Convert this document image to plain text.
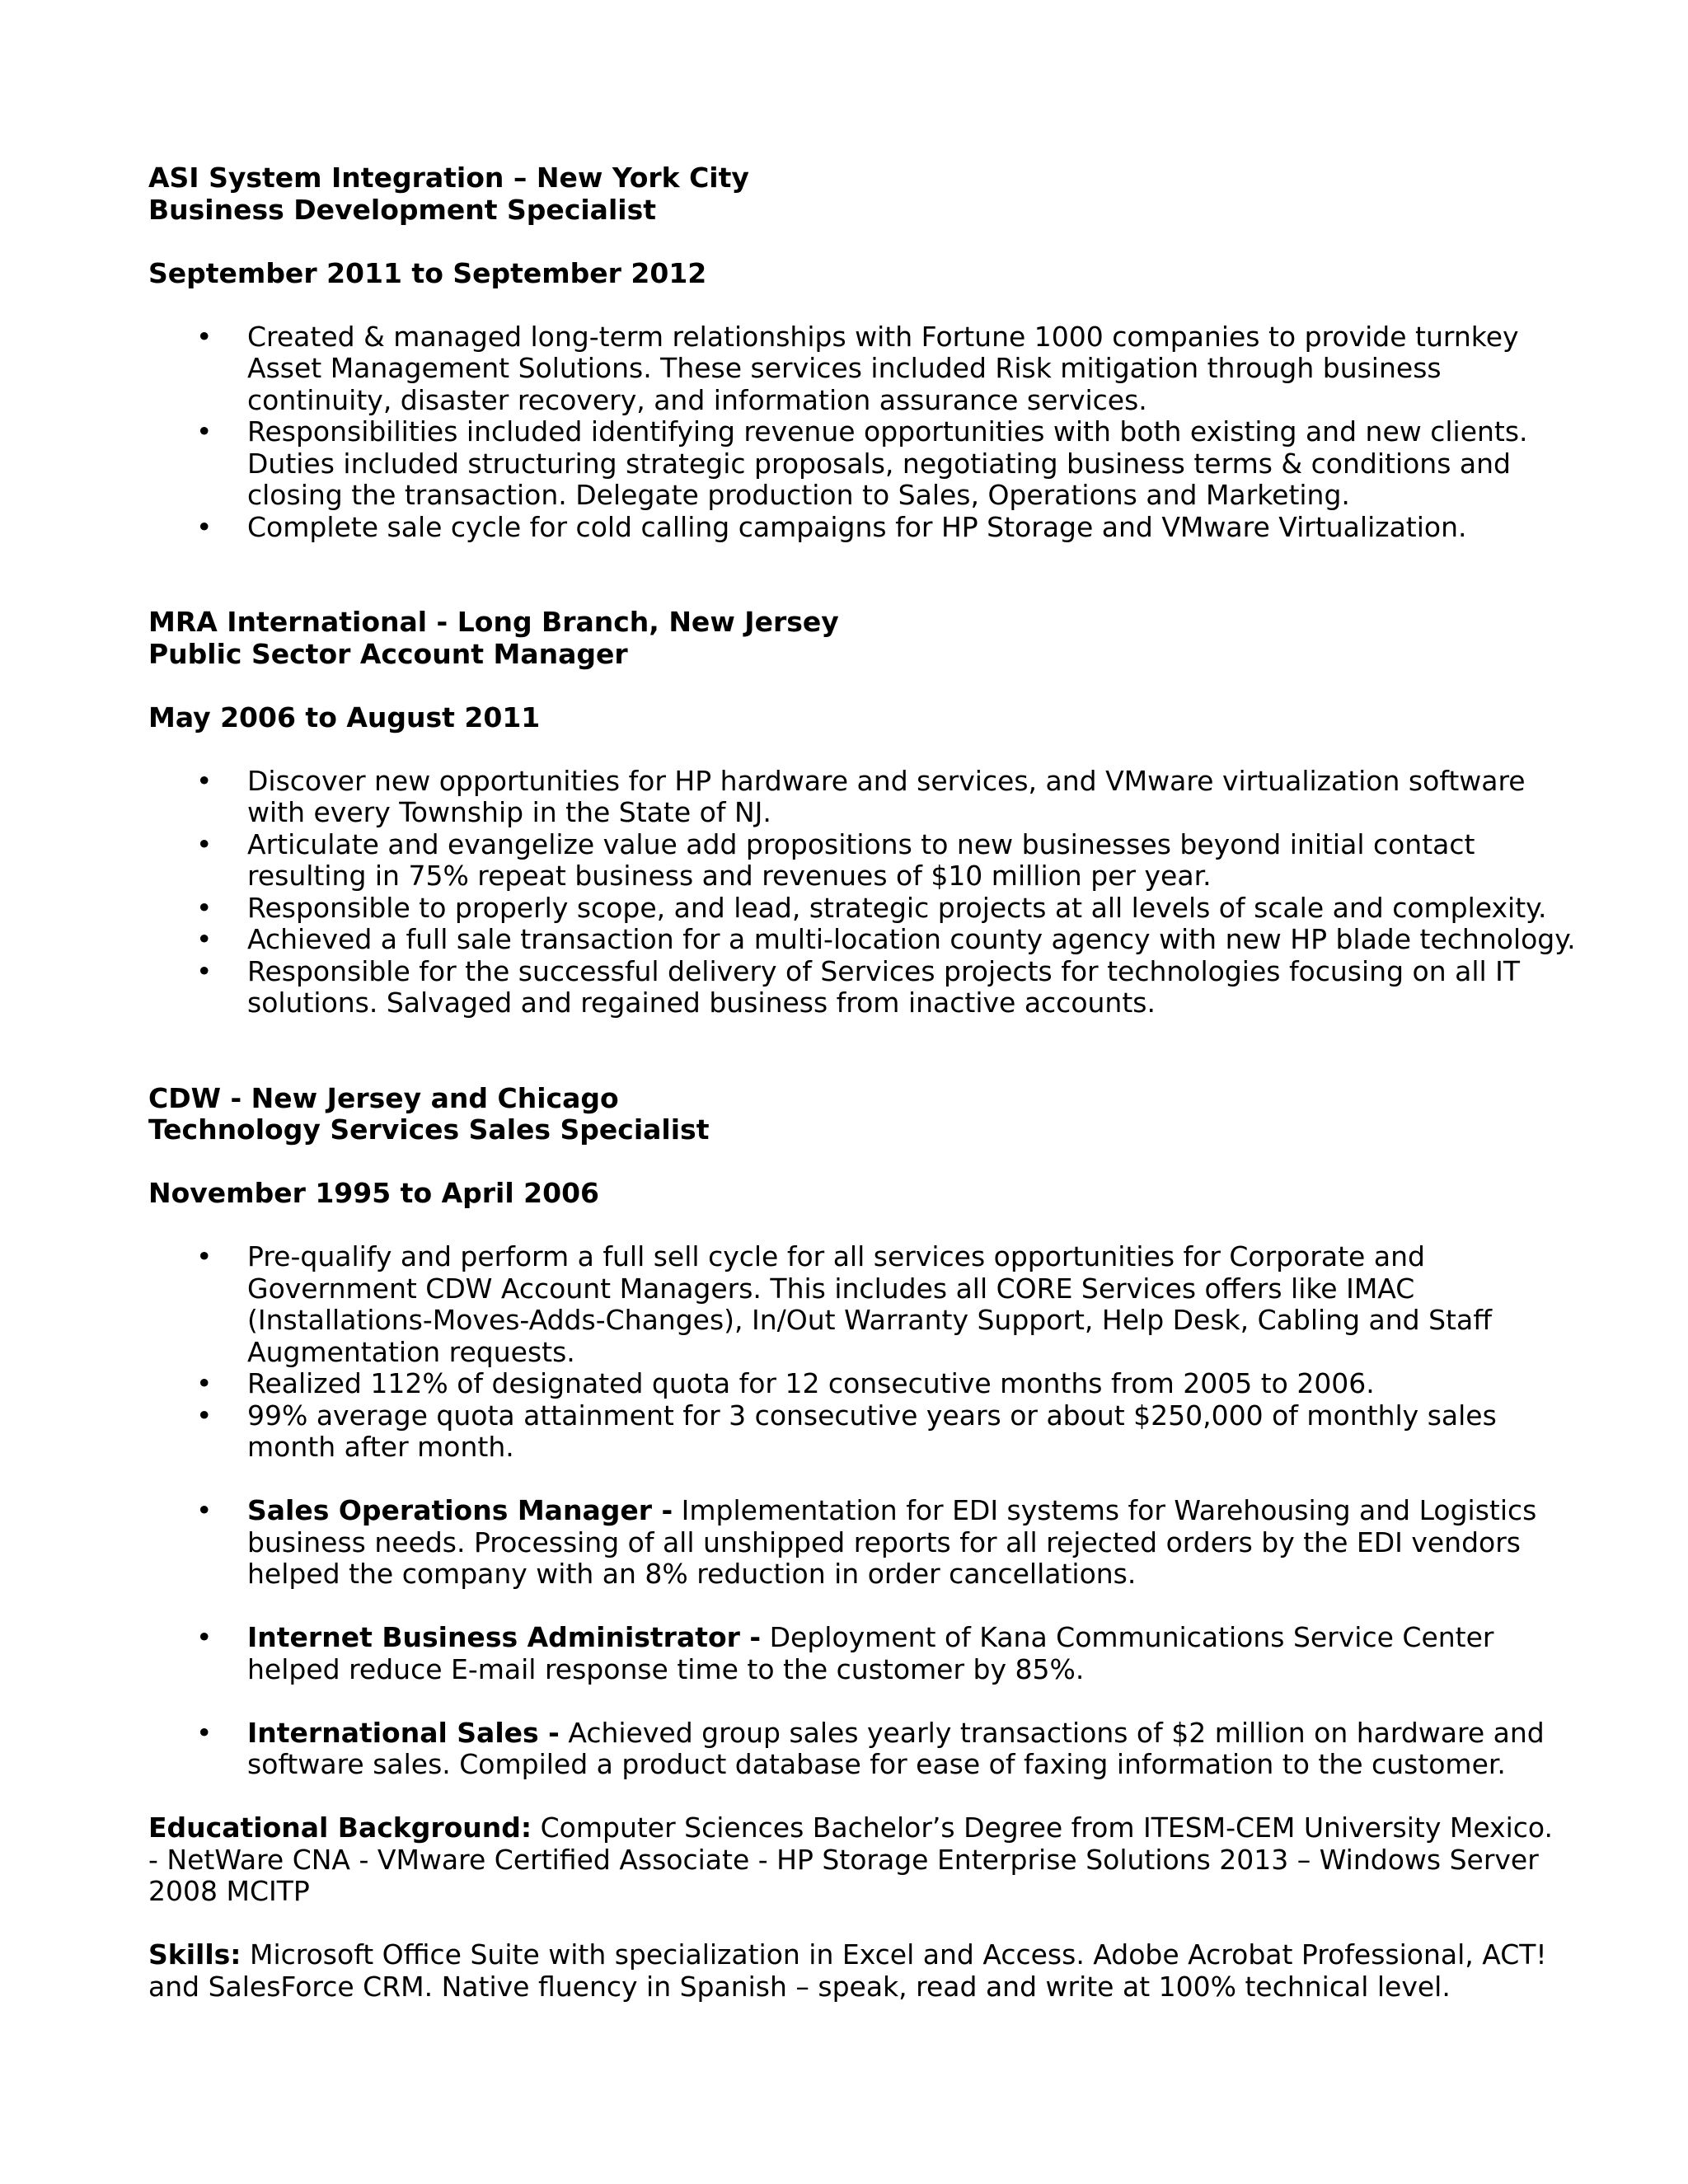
ASI System Integration – New York City
Business Development Specialist
September 2011 to September 2012
• Created & managed long-term relationships with Fortune 1000 companies to provide turnkey
Asset Management Solutions. These services included Risk mitigation through business
continuity, disaster recovery, and information assurance services.
• Responsibilities included identifying revenue opportunities with both existing and new clients.
Duties included structuring strategic proposals, negotiating business terms & conditions and
closing the transaction. Delegate production to Sales, Operations and Marketing.
• Complete sale cycle for cold calling campaigns for HP Storage and VMware Virtualization.
MRA International - Long Branch, New Jersey
Public Sector Account Manager
May 2006 to August 2011
• Discover new opportunities for HP hardware and services, and VMware virtualization software
with every Township in the State of NJ.
• Articulate and evangelize value add propositions to new businesses beyond initial contact
resulting in 75% repeat business and revenues of $10 million per year.
• Responsible to properly scope, and lead, strategic projects at all levels of scale and complexity.
• Achieved a full sale transaction for a multi-location county agency with new HP blade technology.
• Responsible for the successful delivery of Services projects for technologies focusing on all IT
solutions. Salvaged and regained business from inactive accounts.
CDW - New Jersey and Chicago
Technology Services Sales Specialist
November 1995 to April 2006
• Pre-qualify and perform a full sell cycle for all services opportunities for Corporate and
Government CDW Account Managers. This includes all CORE Services offers like IMAC
(Installations-Moves-Adds-Changes), In/Out Warranty Support, Help Desk, Cabling and Staff
Augmentation requests.
• Realized 112% of designated quota for 12 consecutive months from 2005 to 2006.
• 99% average quota attainment for 3 consecutive years or about $250,000 of monthly sales
month after month.
• Sales Operations Manager - Implementation for EDI systems for Warehousing and Logistics
business needs. Processing of all unshipped reports for all rejected orders by the EDI vendors
helped the company with an 8% reduction in order cancellations.
• Internet Business Administrator - Deployment of Kana Communications Service Center
helped reduce E-mail response time to the customer by 85%.
• International Sales - Achieved group sales yearly transactions of $2 million on hardware and
software sales. Compiled a product database for ease of faxing information to the customer.
Educational Background: Computer Sciences Bachelor’s Degree from ITESM-CEM University Mexico.
- NetWare CNA - VMware Certified Associate - HP Storage Enterprise Solutions 2013 – Windows Server
2008 MCITP
Skills: Microsoft Office Suite with specialization in Excel and Access. Adobe Acrobat Professional, ACT!
and SalesForce CRM. Native fluency in Spanish – speak, read and write at 100% technical level.
